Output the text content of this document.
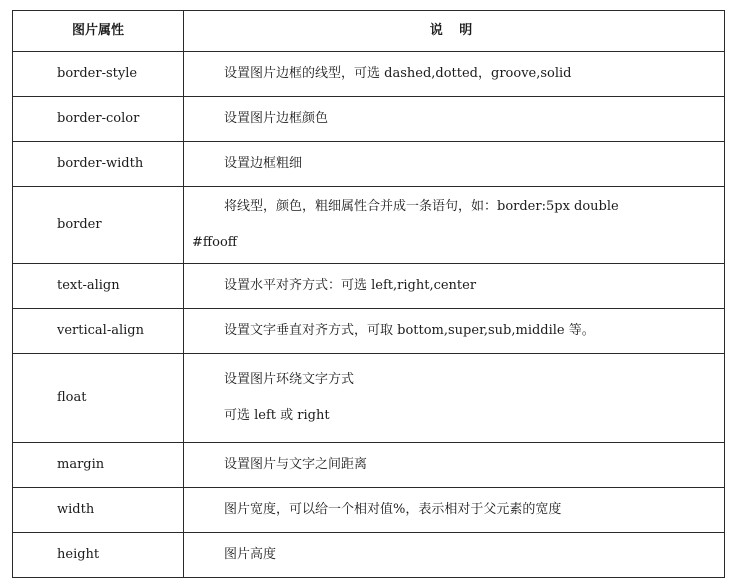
图片属性	说 明
border-style	设置图片边框的线型，可选 dashed,dotted，groove,solid

border-color	设置图片边框颜色

border-width	设置边框粗细

border	将线型，颜色，粗细属性合并成一条语句，如：border:5px double
#ffooff

text-align	设置水平对齐方式：可选 left,right,center

vertical-align	设置文字垂直对齐方式，可取 bottom,super,sub,middile 等。

float	设置图片环绕文字方式
可选 left 或 right

margin	设置图片与文字之间距离

width	图片宽度，可以给一个相对值%，表示相对于父元素的宽度

height	图片高度
